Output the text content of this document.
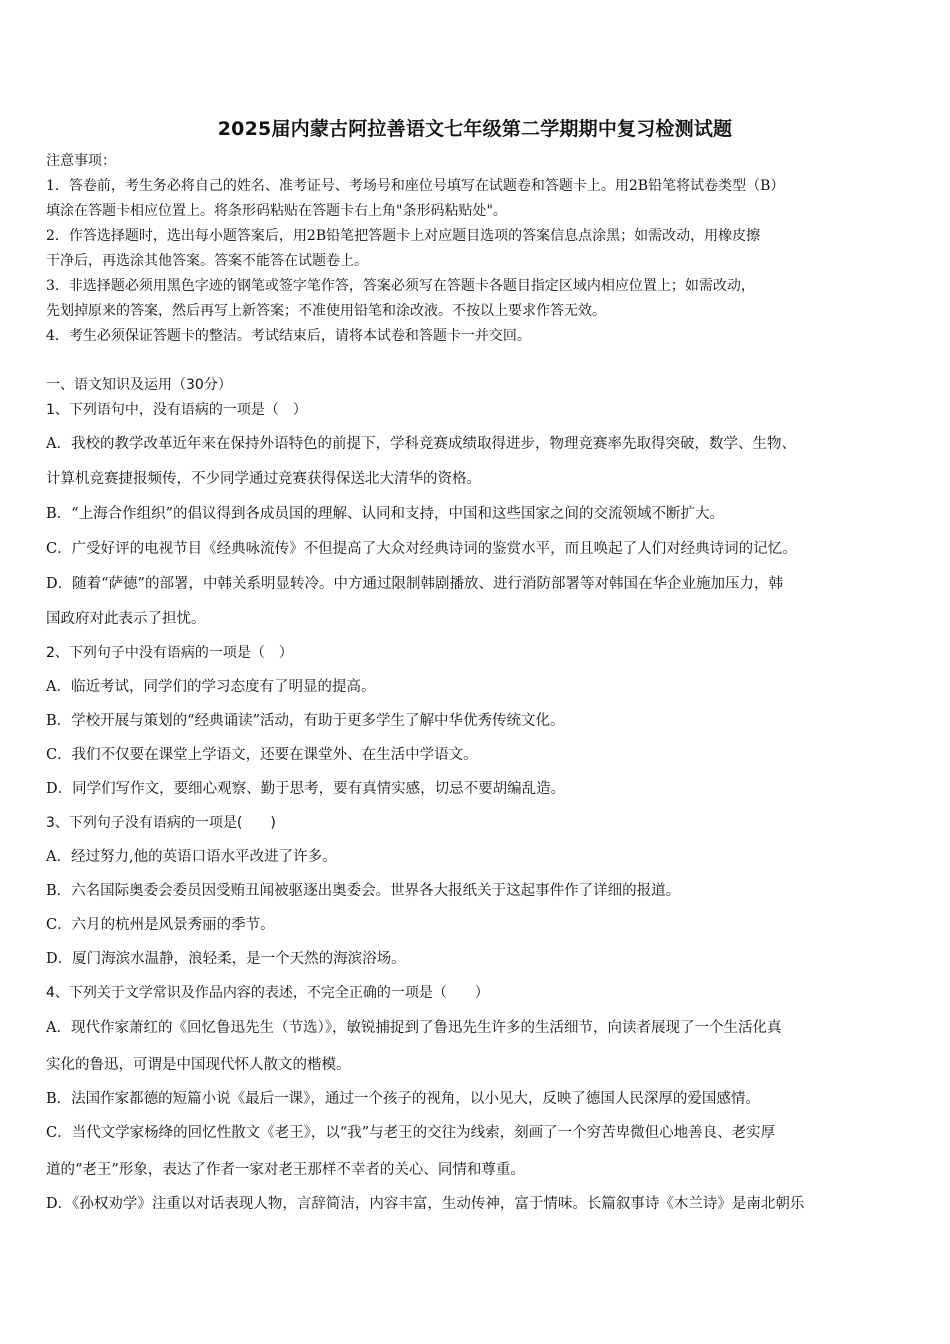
2025届内蒙古阿拉善语文七年级第二学期期中复习检测试题
注意事项：
1．答卷前，考生务必将自己的姓名、准考证号、考场号和座位号填写在试题卷和答题卡上。用2B铅笔将试卷类型（B）
填涂在答题卡相应位置上。将条形码粘贴在答题卡右上角"条形码粘贴处"。
2．作答选择题时，选出每小题答案后，用2B铅笔把答题卡上对应题目选项的答案信息点涂黑；如需改动，用橡皮擦
干净后，再选涂其他答案。答案不能答在试题卷上。
3．非选择题必须用黑色字迹的钢笔或签字笔作答，答案必须写在答题卡各题目指定区域内相应位置上；如需改动，
先划掉原来的答案，然后再写上新答案；不准使用铅笔和涂改液。不按以上要求作答无效。
4．考生必须保证答题卡的整洁。考试结束后，请将本试卷和答题卡一并交回。
一、语文知识及运用（30分）
1、下列语句中，没有语病的一项是（　）
A．我校的教学改革近年来在保持外语特色的前提下，学科竞赛成绩取得进步，物理竞赛率先取得突破，数学、生物、
计算机竞赛捷报频传，不少同学通过竞赛获得保送北大清华的资格。
B．“上海合作组织”的倡议得到各成员国的理解、认同和支持，中国和这些国家之间的交流领域不断扩大。
C．广受好评的电视节目《经典咏流传》不但提高了大众对经典诗词的鉴赏水平，而且唤起了人们对经典诗词的记忆。
D．随着“萨德”的部署，中韩关系明显转冷。中方通过限制韩剧播放、进行消防部署等对韩国在华企业施加压力，韩
国政府对此表示了担忧。
2、下列句子中没有语病的一项是（　）
A．临近考试，同学们的学习态度有了明显的提高。
B．学校开展与策划的“经典诵读”活动，有助于更多学生了解中华优秀传统文化。
C．我们不仅要在课堂上学语文，还要在课堂外、在生活中学语文。
D．同学们写作文，要细心观察、勤于思考，要有真情实感，切忌不要胡编乱造。
3、下列句子没有语病的一项是(　　)
A．经过努力,他的英语口语水平改进了许多。
B．六名国际奥委会委员因受贿丑闻被驱逐出奥委会。世界各大报纸关于这起事件作了详细的报道。
C．六月的杭州是风景秀丽的季节。
D．厦门海滨水温静，浪轻柔，是一个天然的海滨浴场。
4、下列关于文学常识及作品内容的表述，不完全正确的一项是（　　）
A．现代作家萧红的《回忆鲁迅先生（节选）》，敏锐捕捉到了鲁迅先生许多的生活细节，向读者展现了一个生活化真
实化的鲁迅，可谓是中国现代怀人散文的楷模。
B．法国作家都德的短篇小说《最后一课》，通过一个孩子的视角，以小见大，反映了德国人民深厚的爱国感情。
C．当代文学家杨绛的回忆性散文《老王》，以“我”与老王的交往为线索，刻画了一个穷苦卑微但心地善良、老实厚
道的“老王”形象，表达了作者一家对老王那样不幸者的关心、同情和尊重。
D．《孙权劝学》注重以对话表现人物，言辞简洁，内容丰富，生动传神，富于情味。长篇叙事诗《木兰诗》是南北朝乐
